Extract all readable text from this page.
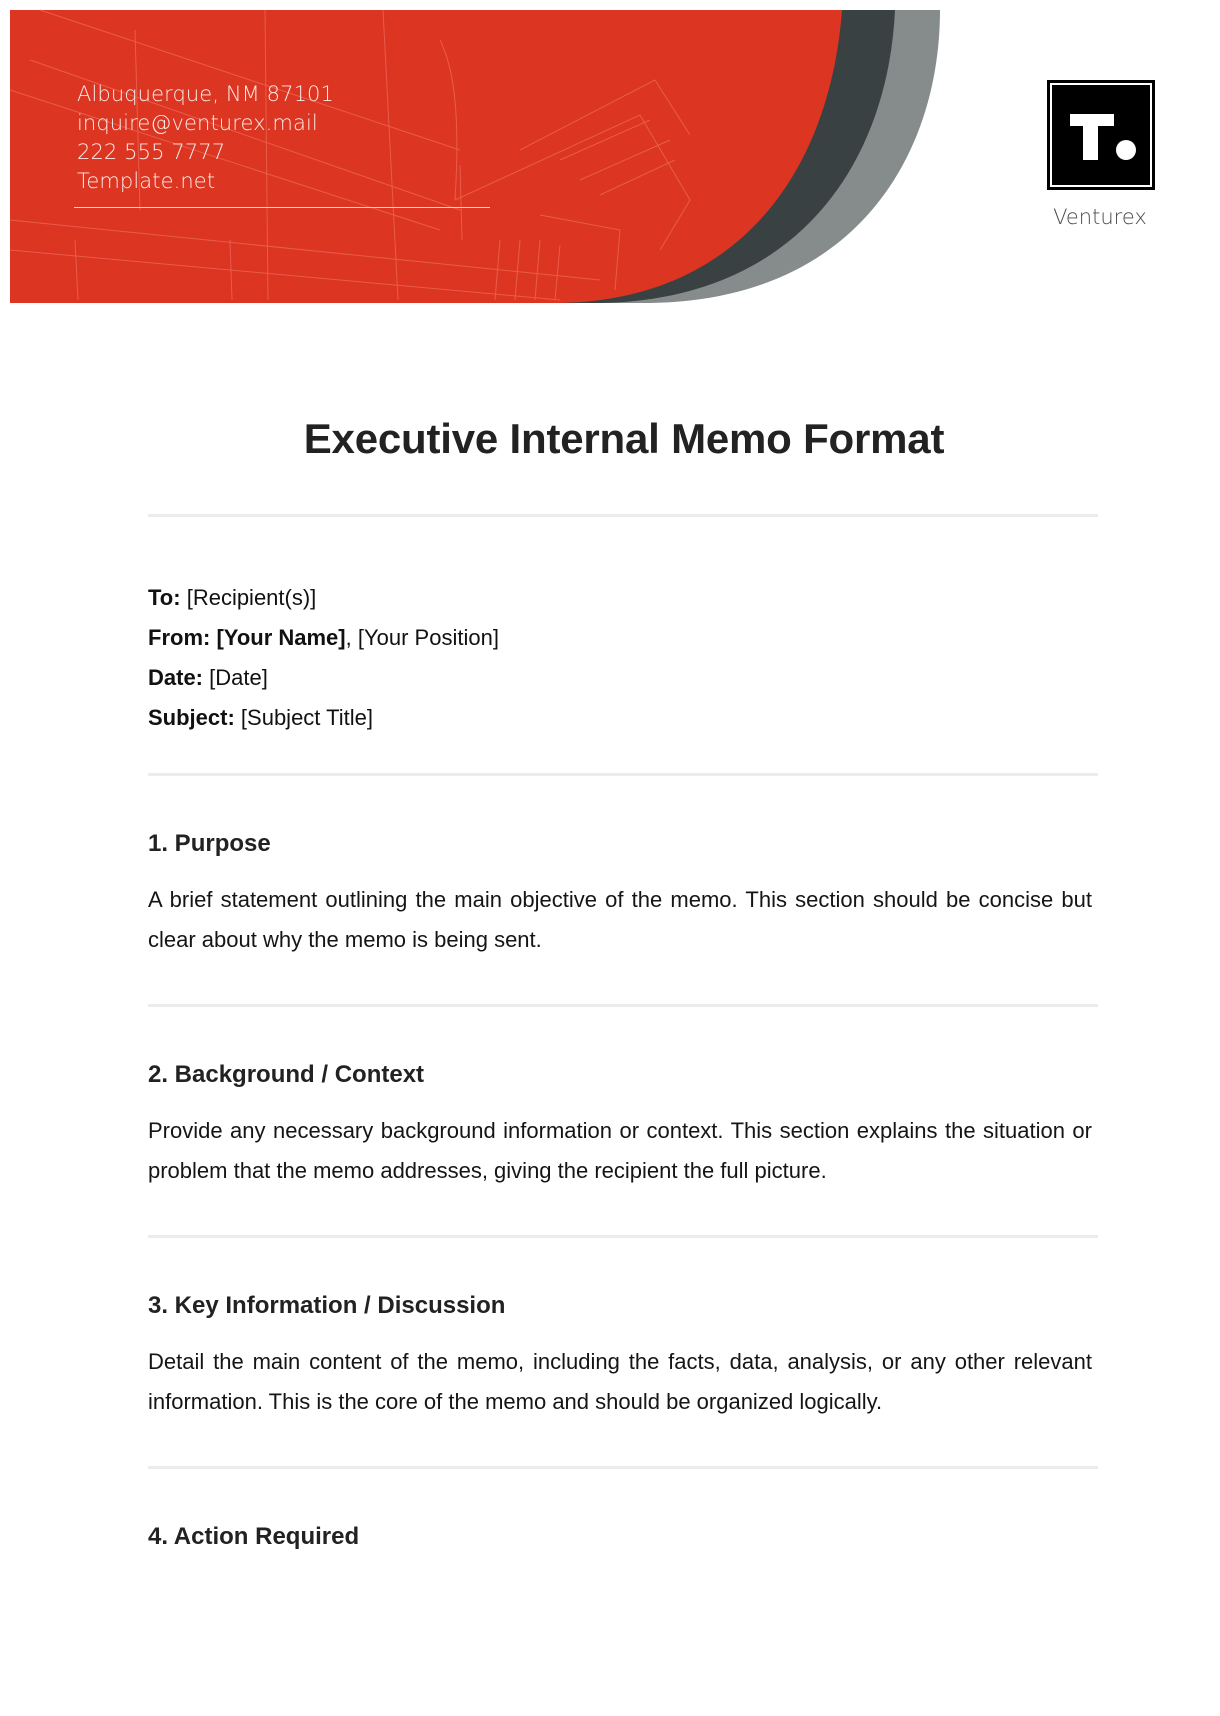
Albuquerque, NM 87101
inquire@venturex.mail
222 555 7777
Template.net
Venturex
Executive Internal Memo Format
To: [Recipient(s)]
From: [Your Name], [Your Position]
Date: [Date]
Subject: [Subject Title]
1. Purpose
A brief statement outlining the main objective of the memo. This section should be concise but clear about why the memo is being sent.
2. Background / Context
Provide any necessary background information or context. This section explains the situation or problem that the memo addresses, giving the recipient the full picture.
3. Key Information / Discussion
Detail the main content of the memo, including the facts, data, analysis, or any other relevant information. This is the core of the memo and should be organized logically.
4. Action Required
